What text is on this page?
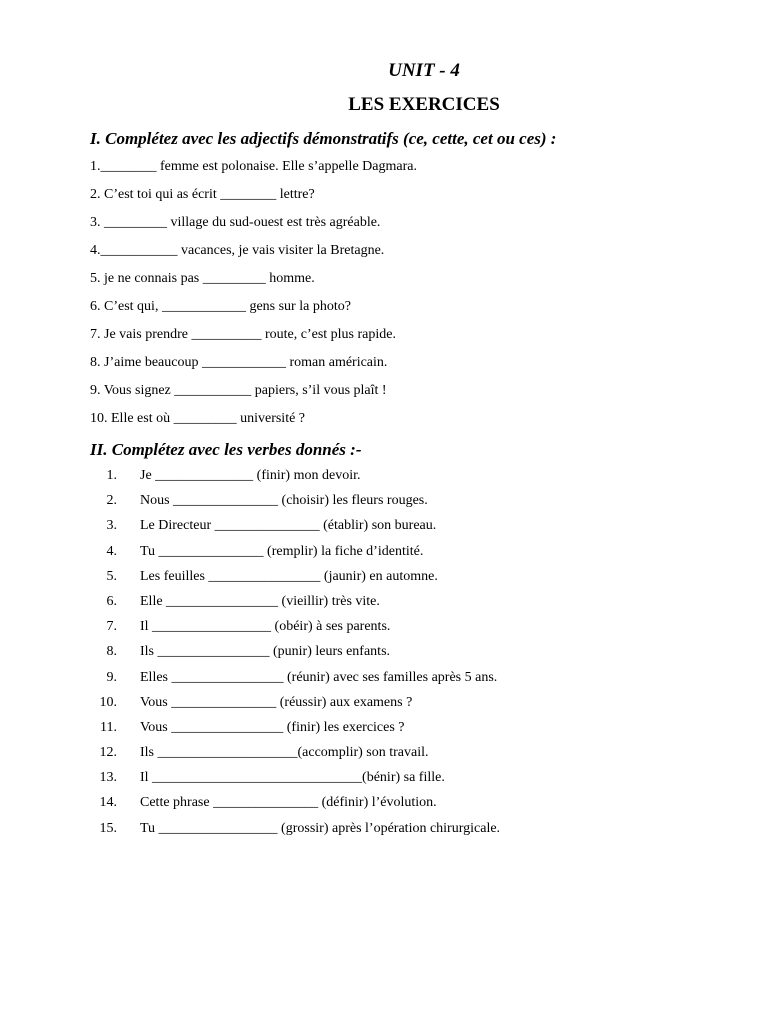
UNIT - 4
LES EXERCICES
I. Complétez avec les adjectifs démonstratifs (ce, cette, cet ou ces) :
1.________ femme est polonaise. Elle s’appelle Dagmara.
2. C’est toi qui as écrit ________ lettre?
3. _________ village du sud-ouest est très agréable.
4.___________ vacances, je vais visiter la Bretagne.
5. je ne connais pas _________ homme.
6. C’est qui, ____________ gens sur la photo?
7. Je vais prendre __________ route, c’est plus rapide.
8. J’aime beaucoup ____________ roman américain.
9. Vous signez ___________ papiers, s’il vous plaît !
10. Elle est où _________ université ?
II. Complétez avec les verbes donnés :-
1. Je ______________ (finir) mon devoir.
2. Nous _______________ (choisir) les fleurs rouges.
3. Le Directeur _______________ (établir) son bureau.
4. Tu _______________ (remplir) la fiche d’identité.
5. Les feuilles ________________ (jaunir) en automne.
6. Elle ________________ (vieillir) très vite.
7. Il _________________ (obéir) à ses parents.
8. Ils ________________ (punir) leurs enfants.
9. Elles ________________ (réunir) avec ses familles après 5 ans.
10. Vous _______________ (réussir) aux examens ?
11. Vous ________________ (finir) les exercices ?
12. Ils ____________________(accomplir) son travail.
13. Il ______________________________(bénir) sa fille.
14. Cette phrase _______________ (définir) l’évolution.
15. Tu _________________ (grossir) après l’opération chirurgicale.
